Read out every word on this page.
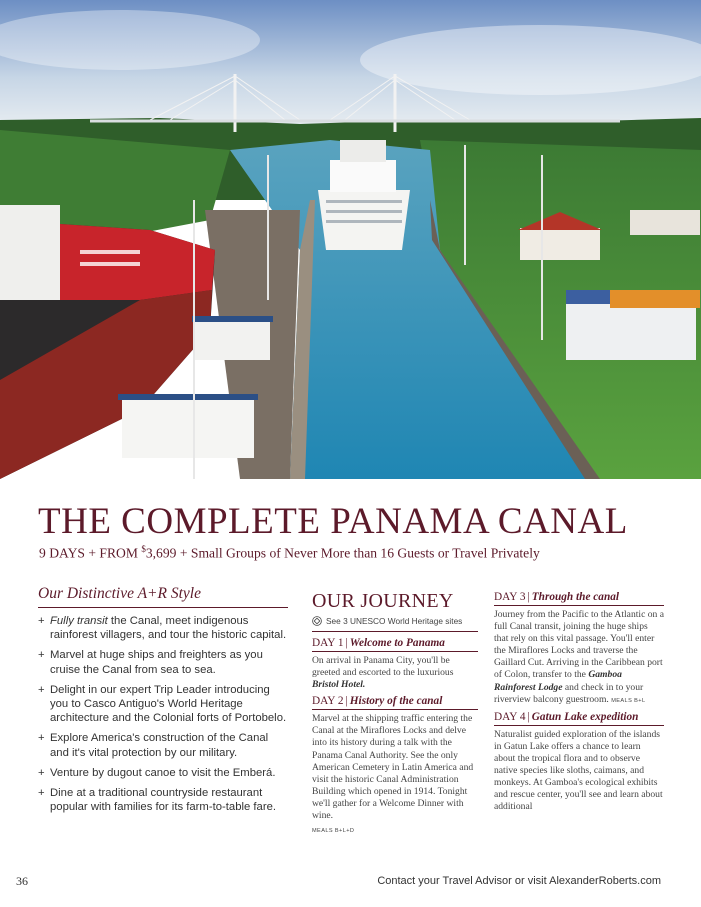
THE COMPLETE PANAMA CANAL
9 DAYS + FROM $3,699 + Small Groups of Never More than 16 Guests or Travel Privately
Our Distinctive A+R Style
+ Fully transit the Canal, meet indigenous rainforest villagers, and tour the historic capital.
+ Marvel at huge ships and freighters as you cruise the Canal from sea to sea.
+ Delight in our expert Trip Leader introducing you to Casco Antiguo's World Heritage architecture and the Colonial forts of Portobelo.
+ Explore America's construction of the Canal and it's vital protection by our military.
+ Venture by dugout canoe to visit the Emberá.
+ Dine at a traditional countryside restaurant popular with families for its farm-to-table fare.
OUR JOURNEY
See 3 UNESCO World Heritage sites
DAY 1 | Welcome to Panama
On arrival in Panama City, you'll be greeted and escorted to the luxurious Bristol Hotel.
DAY 2 | History of the canal
Marvel at the shipping traffic entering the Canal at the Miraflores Locks and delve into its history during a talk with the Panama Canal Authority. See the only American Cemetery in Latin America and visit the historic Canal Administration Building which opened in 1914. Tonight we'll gather for a Welcome Dinner with wine.
MEALS B+L+D
DAY 3 | Through the canal
Journey from the Pacific to the Atlantic on a full Canal transit, joining the huge ships that rely on this vital passage. You'll enter the Miraflores Locks and traverse the Gaillard Cut. Arriving in the Caribbean port of Colon, transfer to the Gamboa Rainforest Lodge and check in to your riverview balcony guestroom. MEALS B+L
DAY 4 | Gatun Lake expedition
Naturalist guided exploration of the islands in Gatun Lake offers a chance to learn about the tropical flora and to observe native species like sloths, caimans, and monkeys. At Gamboa's ecological exhibits and rescue center, you'll see and learn about additional
36	Contact your Travel Advisor or visit AlexanderRoberts.com
